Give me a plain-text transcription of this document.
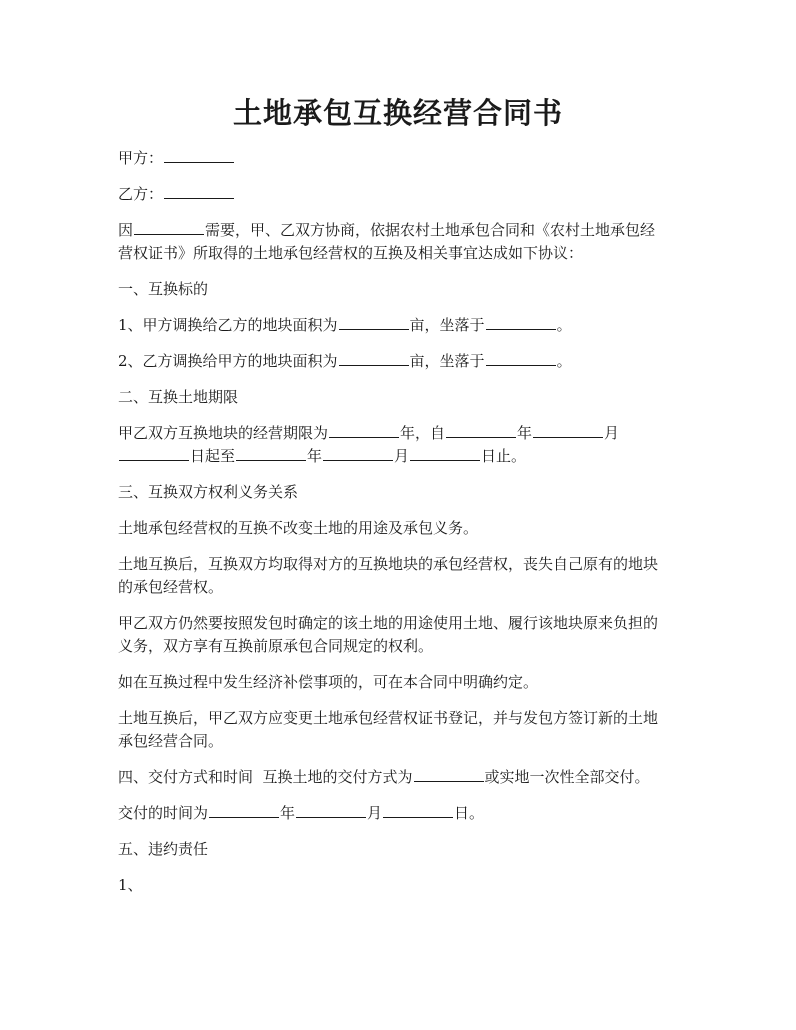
土地承包互换经营合同书

甲方：

乙方：

因	需要，甲、乙双方协商，依据农村土地承包合同和《农村土地承包经
营权证书》所取得的土地承包经营权的互换及相关事宜达成如下协议：

一、互换标的

1、甲方调换给乙方的地块面积为	亩，坐落于	。

2、乙方调换给甲方的地块面积为	亩，坐落于	。

二、互换土地期限

甲乙双方互换地块的经营期限为	年，自	年	月
日起至	年	月	日止。

三、互换双方权利义务关系

土地承包经营权的互换不改变土地的用途及承包义务。

土地互换后，互换双方均取得对方的互换地块的承包经营权，丧失自己原有的地块
的承包经营权。

甲乙双方仍然要按照发包时确定的该土地的用途使用土地、履行该地块原来负担的
义务，双方享有互换前原承包合同规定的权利。

如在互换过程中发生经济补偿事项的，可在本合同中明确约定。

土地互换后，甲乙双方应变更土地承包经营权证书登记，并与发包方签订新的土地
承包经营合同。

四、交付方式和时间  互换土地的交付方式为	或实地一次性全部交付。

交付的时间为	年	月	日。

五、违约责任

1、
